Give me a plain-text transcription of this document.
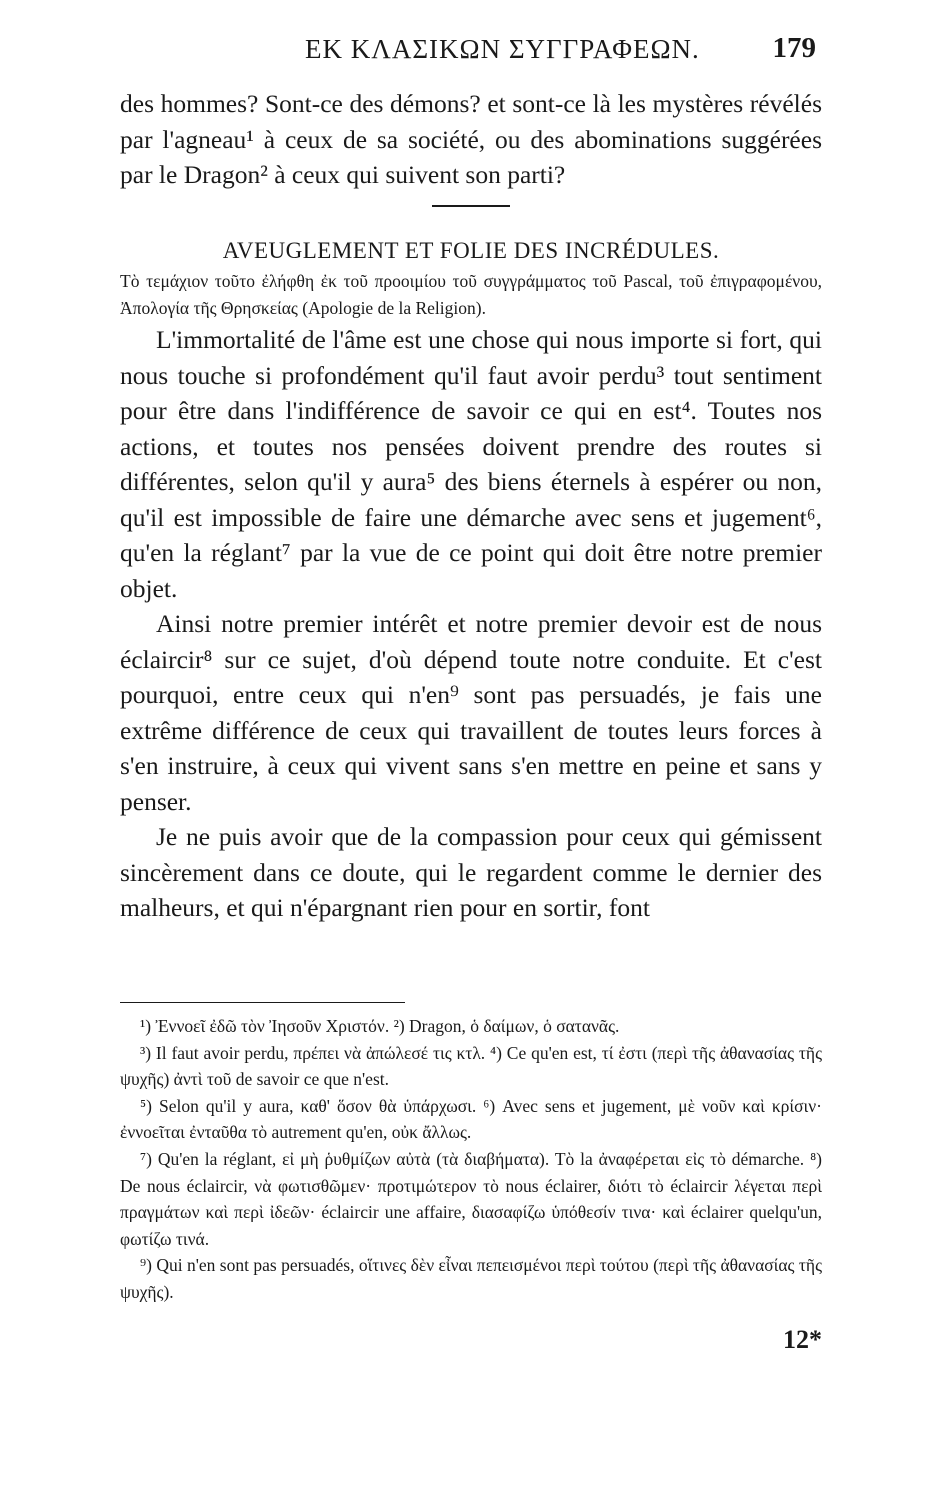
ΕΚ ΚΛΑΣΙΚΩΝ ΣΥΓΓΡΑΦΕΩΝ.	179

des hommes? Sont-ce des démons? et sont-ce là les mystères révélés par l'agneau¹ à ceux de sa société, ou des abominations suggérées par le Dragon² à ceux qui suivent son parti?

AVEUGLEMENT ET FOLIE DES INCRÉDULES.

Τὸ τεμάχιον τοῦτο ἐλήφθη ἐκ τοῦ προοιμίου τοῦ συγγράμματος τοῦ Pascal, τοῦ ἐπιγραφομένου, Ἀπολογία τῆς Θρησκείας (Apologie de la Religion).

L'immortalité de l'âme est une chose qui nous importe si fort, qui nous touche si profondément qu'il faut avoir perdu³ tout sentiment pour être dans l'indifférence de savoir ce qui en est⁴. Toutes nos actions, et toutes nos pensées doivent prendre des routes si différentes, selon qu'il y aura⁵ des biens éternels à espérer ou non, qu'il est impossible de faire une démarche avec sens et jugement⁶, qu'en la réglant⁷ par la vue de ce point qui doit être notre premier objet.

Ainsi notre premier intérêt et notre premier devoir est de nous éclaircir⁸ sur ce sujet, d'où dépend toute notre conduite. Et c'est pourquoi, entre ceux qui n'en⁹ sont pas persuadés, je fais une extrême différence de ceux qui travaillent de toutes leurs forces à s'en instruire, à ceux qui vivent sans s'en mettre en peine et sans y penser.

Je ne puis avoir que de la compassion pour ceux qui gémissent sincèrement dans ce doute, qui le regardent comme le dernier des malheurs, et qui n'épargnant rien pour en sortir, font

¹) Ἐννοεῖ ἐδῶ τὸν Ἰησοῦν Χριστόν. ²) Dragon, ὁ δαίμων, ὁ σατανᾶς.

³) Il faut avoir perdu, πρέπει νὰ ἀπώλεσέ τις κτλ. ⁴) Ce qu'en est, τί ἐστι (περὶ τῆς ἀθανασίας τῆς ψυχῆς) ἀντὶ τοῦ de savoir ce que n'est.

⁵) Selon qu'il y aura, καθ' ὅσον θὰ ὑπάρχωσι. ⁶) Avec sens et jugement, μὲ νοῦν καὶ κρίσιν· ἐννοεῖται ἐνταῦθα τὸ autrement qu'en, οὐκ ἄλλως.

⁷) Qu'en la réglant, εἰ μὴ ῥυθμίζων αὐτὰ (τὰ διαβήματα). Τὸ la ἀναφέρεται εἰς τὸ démarche. ⁸) De nous éclaircir, νὰ φωτισθῶμεν· προτιμώτερον τὸ nous éclairer, διότι τὸ éclaircir λέγεται περὶ πραγμάτων καὶ περὶ ἰδεῶν· éclaircir une affaire, διασαφίζω ὑπόθεσίν τινα· καὶ éclairer quelqu'un, φωτίζω τινά.

⁹) Qui n'en sont pas persuadés, οἵτινες δὲν εἶναι πεπεισμένοι περὶ τούτου (περὶ τῆς ἀθανασίας τῆς ψυχῆς).

12*
